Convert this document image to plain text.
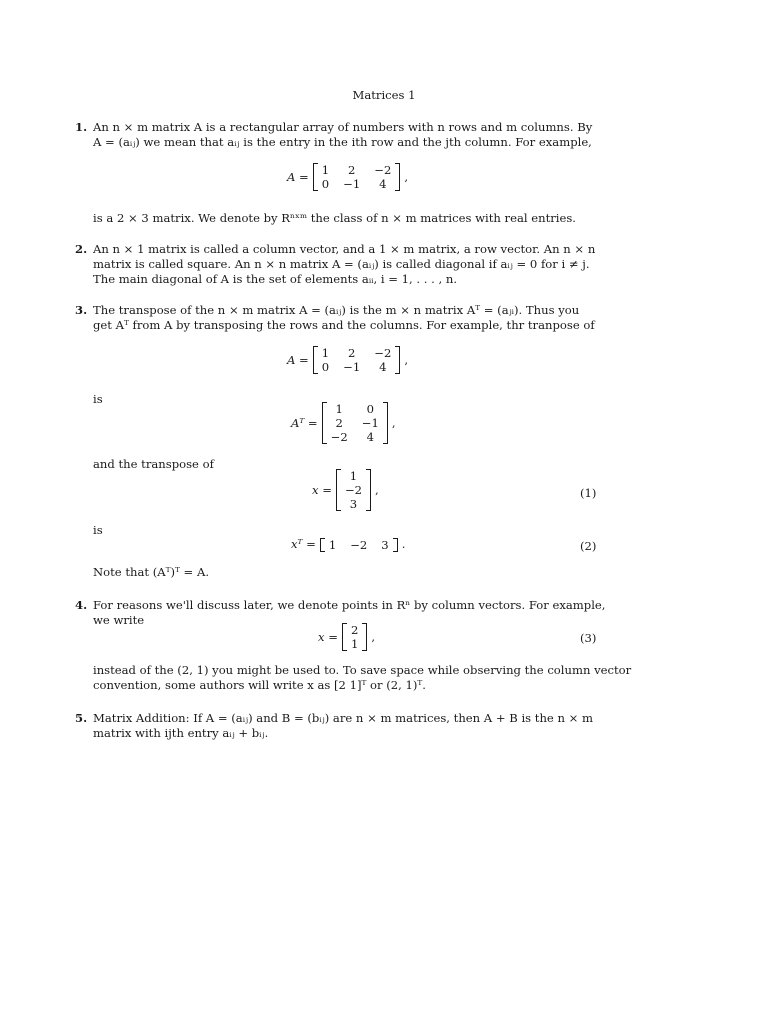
Matrices 1
1. An n × m matrix A is a rectangular array of numbers with n rows and m columns. By
A = (aᵢⱼ) we mean that aᵢⱼ is the entry in the ith row and the jth column. For example,
A = 1	2	−2
0 −1	4
,
is a 2 × 3 matrix. We denote by Rⁿˣᵐ the class of n × m matrices with real entries.
2. An n × 1 matrix is called a column vector, and a 1 × m matrix, a row vector. An n × n
matrix is called square. An n × n matrix A = (aᵢⱼ) is called diagonal if aᵢⱼ = 0 for i ≠ j.
The main diagonal of A is the set of elements aᵢᵢ, i = 1, . . . , n.
3. The transpose of the n × m matrix A = (aᵢⱼ) is the m × n matrix Aᵀ = (aⱼᵢ). Thus you
get Aᵀ from A by transposing the rows and the columns. For example, thr tranpose of
A = 1	2	−2
0 −1	4
,
is
Aᵀ =
1	0
2	−1
−2	4
,
and the transpose of
x =
1
−2
3
,	(1)
is
xᵀ = 1 −2 3 .	(2)
Note that (Aᵀ)ᵀ = A.
4. For reasons we'll discuss later, we denote points in Rⁿ by column vectors. For example,
we write
x = 2
1
,	(3)
instead of the (2, 1) you might be used to. To save space while observing the column vector
convention, some authors will write x as [2 1]ᵀ or (2, 1)ᵀ.
5. Matrix Addition: If A = (aᵢⱼ) and B = (bᵢⱼ) are n × m matrices, then A + B is the n × m
matrix with ijth entry aᵢⱼ + bᵢⱼ.
